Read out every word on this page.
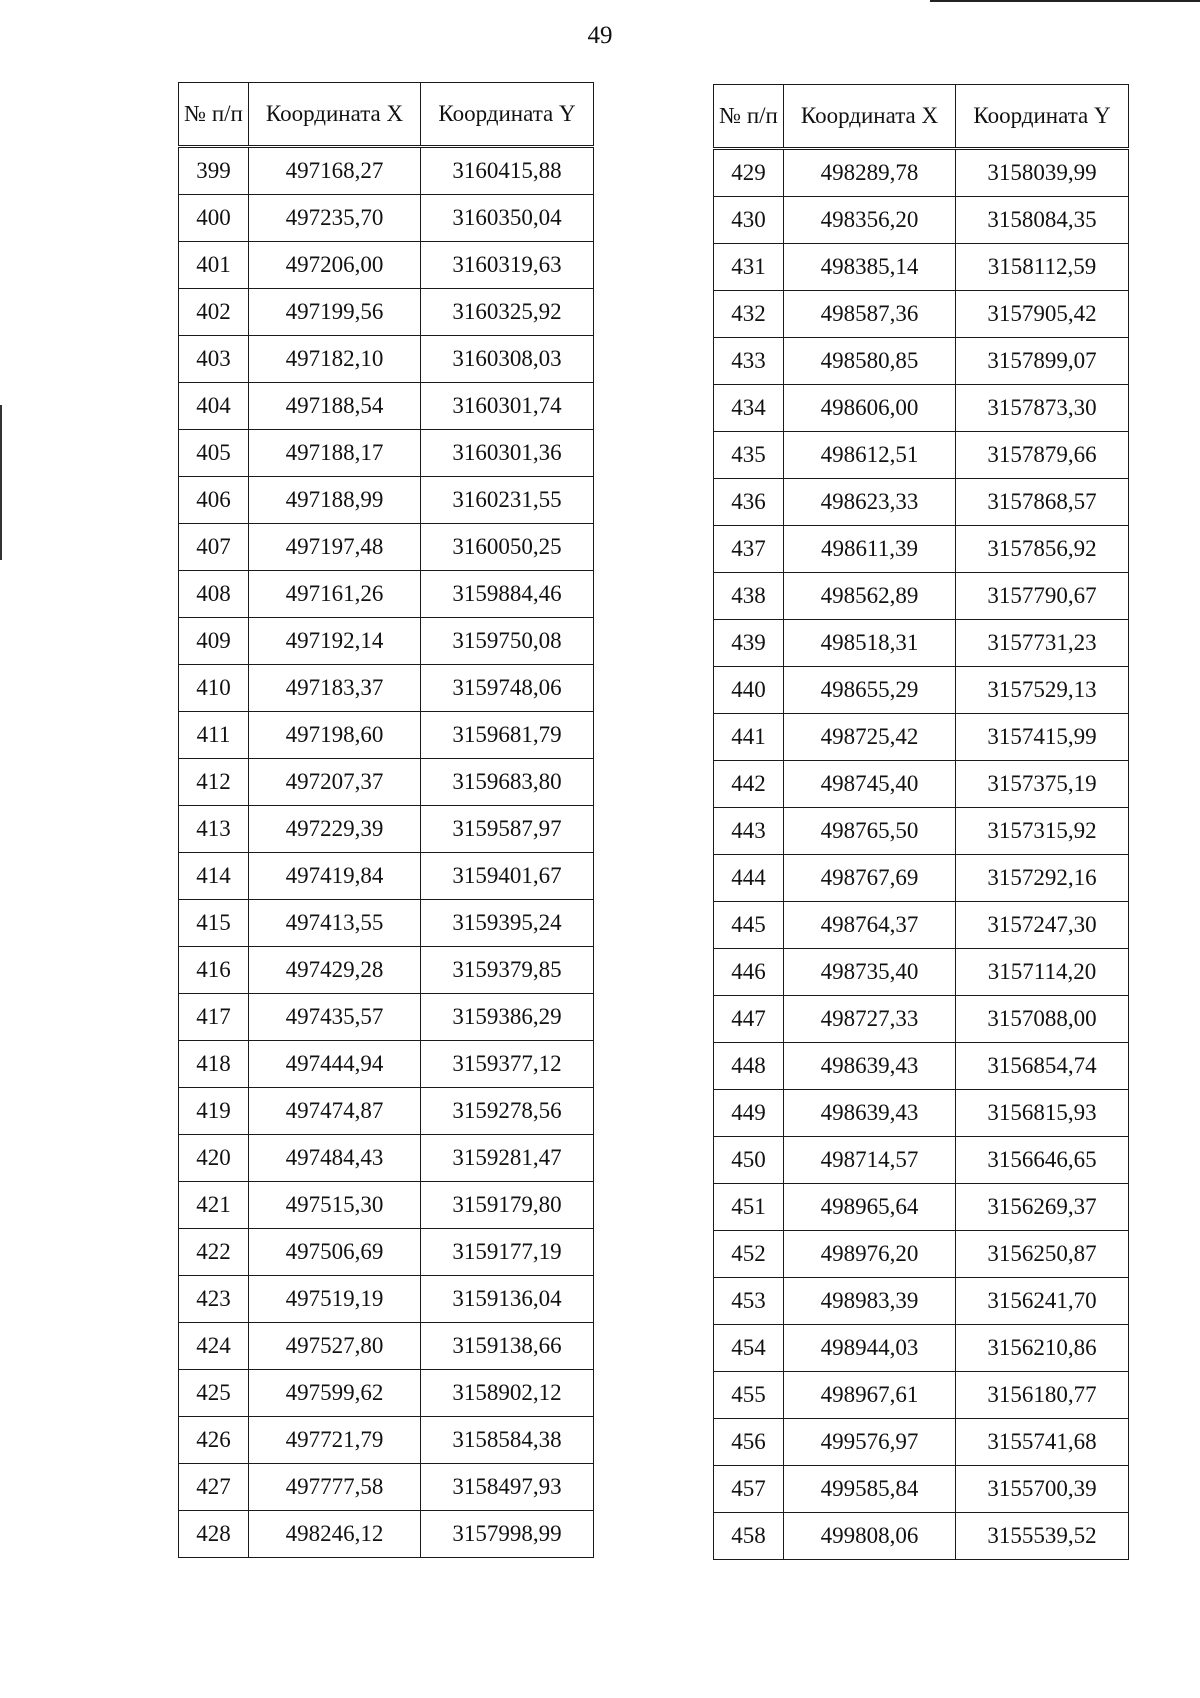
49
№ п/п	Координата X	Координата Y
399	497168,27	3160415,88
400	497235,70	3160350,04
401	497206,00	3160319,63
402	497199,56	3160325,92
403	497182,10	3160308,03
404	497188,54	3160301,74
405	497188,17	3160301,36
406	497188,99	3160231,55
407	497197,48	3160050,25
408	497161,26	3159884,46
409	497192,14	3159750,08
410	497183,37	3159748,06
411	497198,60	3159681,79
412	497207,37	3159683,80
413	497229,39	3159587,97
414	497419,84	3159401,67
415	497413,55	3159395,24
416	497429,28	3159379,85
417	497435,57	3159386,29
418	497444,94	3159377,12
419	497474,87	3159278,56
420	497484,43	3159281,47
421	497515,30	3159179,80
422	497506,69	3159177,19
423	497519,19	3159136,04
424	497527,80	3159138,66
425	497599,62	3158902,12
426	497721,79	3158584,38
427	497777,58	3158497,93
428	498246,12	3157998,99
№ п/п	Координата X	Координата Y
429	498289,78	3158039,99
430	498356,20	3158084,35
431	498385,14	3158112,59
432	498587,36	3157905,42
433	498580,85	3157899,07
434	498606,00	3157873,30
435	498612,51	3157879,66
436	498623,33	3157868,57
437	498611,39	3157856,92
438	498562,89	3157790,67
439	498518,31	3157731,23
440	498655,29	3157529,13
441	498725,42	3157415,99
442	498745,40	3157375,19
443	498765,50	3157315,92
444	498767,69	3157292,16
445	498764,37	3157247,30
446	498735,40	3157114,20
447	498727,33	3157088,00
448	498639,43	3156854,74
449	498639,43	3156815,93
450	498714,57	3156646,65
451	498965,64	3156269,37
452	498976,20	3156250,87
453	498983,39	3156241,70
454	498944,03	3156210,86
455	498967,61	3156180,77
456	499576,97	3155741,68
457	499585,84	3155700,39
458	499808,06	3155539,52
